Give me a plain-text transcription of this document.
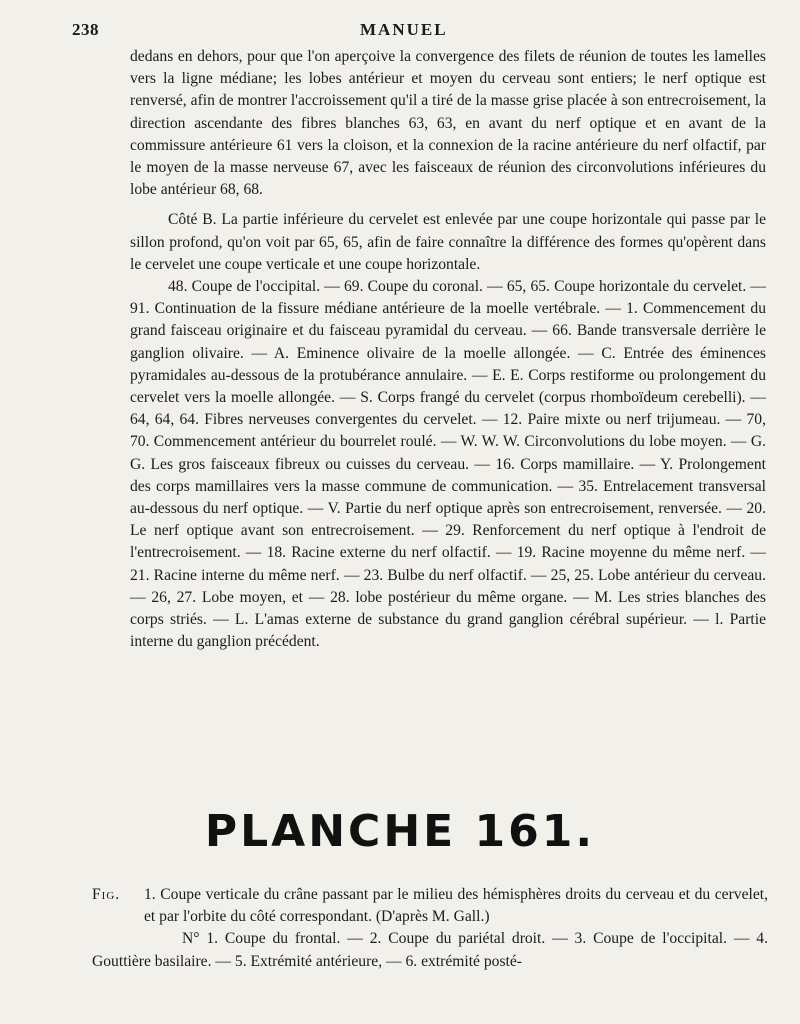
238	MANUEL

dedans en dehors, pour que l'on aperçoive la convergence des filets de réunion de toutes les lamelles vers la ligne médiane; les lobes antérieur et moyen du cerveau sont entiers; le nerf optique est renversé, afin de montrer l'accroissement qu'il a tiré de la masse grise placée à son entrecroisement, la direction ascendante des fibres blanches 63, 63, en avant du nerf optique et en avant de la commissure antérieure 61 vers la cloison, et la connexion de la racine antérieure du nerf olfactif, par le moyen de la masse nerveuse 67, avec les faisceaux de réunion des circonvolutions inférieures du lobe antérieur 68, 68.

Côté B. La partie inférieure du cervelet est enlevée par une coupe horizontale qui passe par le sillon profond, qu'on voit par 65, 65, afin de faire connaître la différence des formes qu'opèrent dans le cervelet une coupe verticale et une coupe horizontale.

48. Coupe de l'occipital. — 69. Coupe du coronal. — 65, 65. Coupe horizontale du cervelet. — 91. Continuation de la fissure médiane antérieure de la moelle vertébrale. — 1. Commencement du grand faisceau originaire et du faisceau pyramidal du cerveau. — 66. Bande transversale derrière le ganglion olivaire. — A. Eminence olivaire de la moelle allongée. — C. Entrée des éminences pyramidales au-dessous de la protubérance annulaire. — E. E. Corps restiforme ou prolongement du cervelet vers la moelle allongée. — S. Corps frangé du cervelet (corpus rhomboïdeum cerebelli). — 64, 64, 64. Fibres nerveuses convergentes du cervelet. — 12. Paire mixte ou nerf trijumeau. — 70, 70. Commencement antérieur du bourrelet roulé. — W. W. W. Circonvolutions du lobe moyen. — G. G. Les gros faisceaux fibreux ou cuisses du cerveau. — 16. Corps mamillaire. — Y. Prolongement des corps mamillaires vers la masse commune de communication. — 35. Entrelacement transversal au-dessous du nerf optique. — V. Partie du nerf optique après son entrecroisement, renversée. — 20. Le nerf optique avant son entrecroisement. — 29. Renforcement du nerf optique à l'endroit de l'entrecroisement. — 18. Racine externe du nerf olfactif. — 19. Racine moyenne du même nerf. — 21. Racine interne du même nerf. — 23. Bulbe du nerf olfactif. — 25, 25. Lobe antérieur du cerveau. — 26, 27. Lobe moyen, et — 28. lobe postérieur du même organe. — M. Les stries blanches des corps striés. — L. L'amas externe de substance du grand ganglion cérébral supérieur. — l. Partie interne du ganglion précédent.

PLANCHE 161.
Fig.	1. Coupe verticale du crâne passant par le milieu des hémisphères droits du cerveau et du cervelet, et par l'orbite du côté correspondant. (D'après M. Gall.)

N° 1. Coupe du frontal. — 2. Coupe du pariétal droit. — 3. Coupe de l'occipital. — 4. Gouttière basilaire. — 5. Extrémité antérieure, — 6. extrémité posté-
